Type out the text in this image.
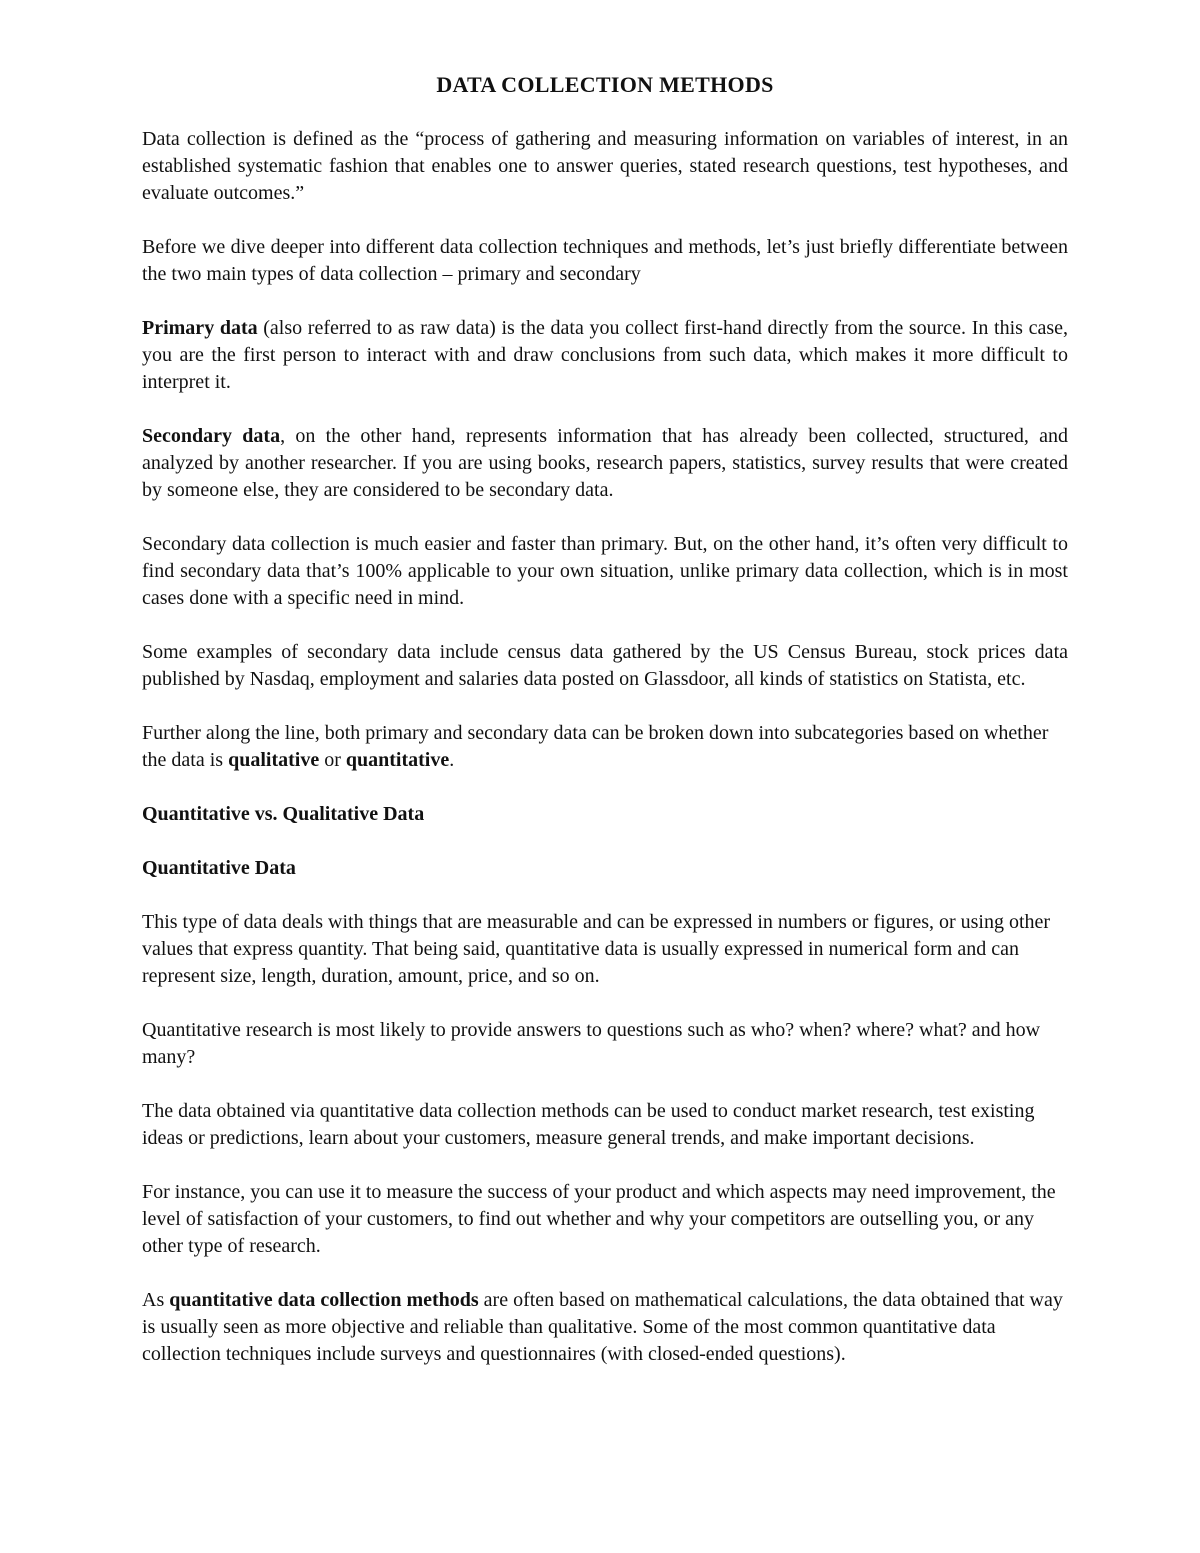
DATA COLLECTION METHODS

Data collection is defined as the “process of gathering and measuring information on variables of interest, in an established systematic fashion that enables one to answer queries, stated research questions, test hypotheses, and evaluate outcomes.”

Before we dive deeper into different data collection techniques and methods, let’s just briefly differentiate between the two main types of data collection – primary and secondary

Primary data (also referred to as raw data) is the data you collect first-hand directly from the source. In this case, you are the first person to interact with and draw conclusions from such data, which makes it more difficult to interpret it.

Secondary data, on the other hand, represents information that has already been collected, structured, and analyzed by another researcher. If you are using books, research papers, statistics, survey results that were created by someone else, they are considered to be secondary data.

Secondary data collection is much easier and faster than primary. But, on the other hand, it’s often very difficult to find secondary data that’s 100% applicable to your own situation, unlike primary data collection, which is in most cases done with a specific need in mind.

Some examples of secondary data include census data gathered by the US Census Bureau, stock prices data published by Nasdaq, employment and salaries data posted on Glassdoor, all kinds of statistics on Statista, etc.

Further along the line, both primary and secondary data can be broken down into subcategories based on whether the data is qualitative or quantitative.

Quantitative vs. Qualitative Data
Quantitative Data

This type of data deals with things that are measurable and can be expressed in numbers or figures, or using other values that express quantity. That being said, quantitative data is usually expressed in numerical form and can represent size, length, duration, amount, price, and so on.

Quantitative research is most likely to provide answers to questions such as who? when? where? what? and how many?

The data obtained via quantitative data collection methods can be used to conduct market research, test existing ideas or predictions, learn about your customers, measure general trends, and make important decisions.

For instance, you can use it to measure the success of your product and which aspects may need improvement, the level of satisfaction of your customers, to find out whether and why your competitors are outselling you, or any other type of research.

As quantitative data collection methods are often based on mathematical calculations, the data obtained that way is usually seen as more objective and reliable than qualitative. Some of the most common quantitative data collection techniques include surveys and questionnaires (with closed-ended questions).
